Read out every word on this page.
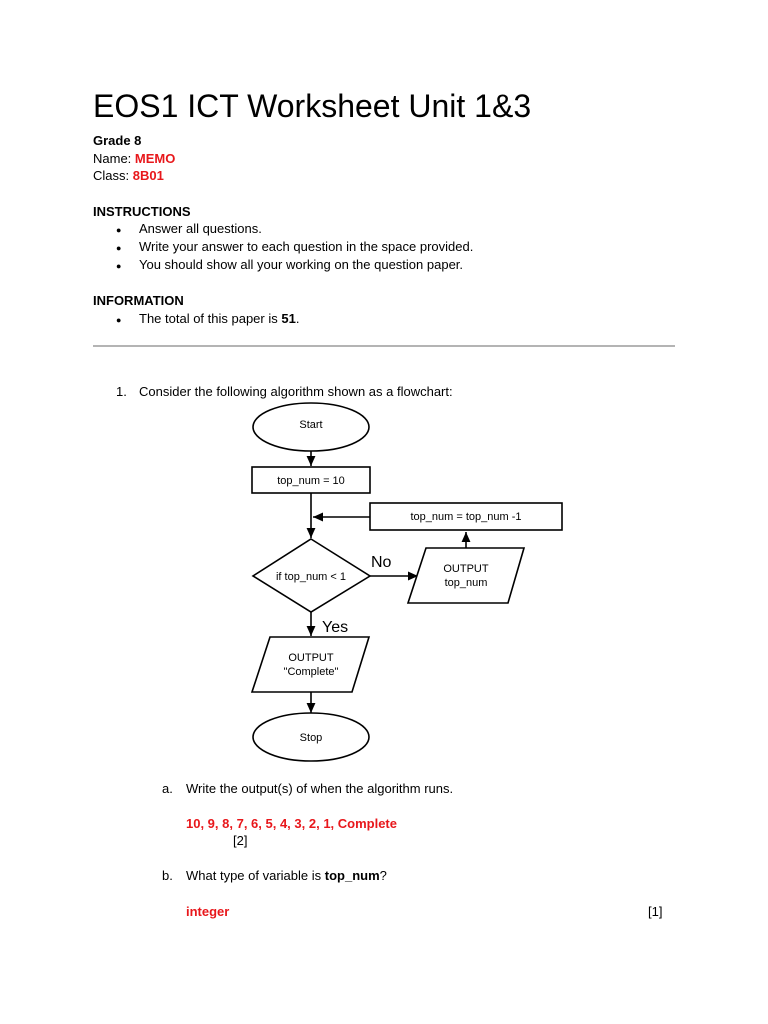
EOS1 ICT Worksheet Unit 1&3
Grade 8
Name: MEMO
Class: 8B01
INSTRUCTIONS
● Answer all questions.
● Write your answer to each question in the space provided.
● You should show all your working on the question paper.
INFORMATION
● The total of this paper is 51.
1. Consider the following algorithm shown as a flowchart:
Start
top_num = 10
top_num = top_num -1
if top_num < 1
OUTPUT
top_num
OUTPUT
"Complete"
Stop
No
Yes
a. Write the output(s) of when the algorithm runs.
10, 9, 8, 7, 6, 5, 4, 3, 2, 1, Complete
[2]
b. What type of variable is top_num?
integer	[1]
